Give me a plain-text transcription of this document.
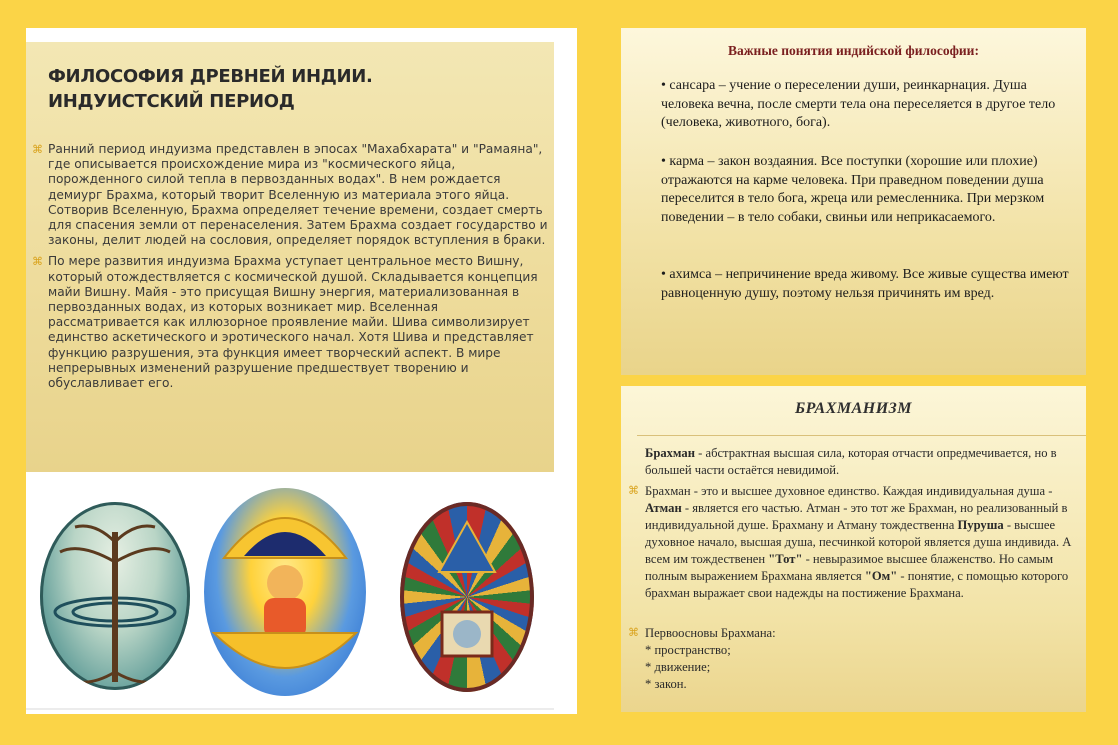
ФИЛОСОФИЯ ДРЕВНЕЙ ИНДИИ.
ИНДУИСТСКИЙ ПЕРИОД

⌘ Ранний период индуизма представлен в эпосах "Махабхарата" и "Рамаяна", где описывается происхождение мира из "космического яйца, порожденного силой тепла в первозданных водах". В нем рождается демиург Брахма, который творит Вселенную из материала этого яйца. Сотворив Вселенную, Брахма определяет течение времени, создает смерть для спасения земли от перенаселения. Затем Брахма создает государство и законы, делит людей на сословия, определяет порядок вступления в браки.

⌘ По мере развития индуизма Брахма уступает центральное место Вишну, который отождествляется с космической душой. Складывается концепция майи Вишну. Майя - это присущая Вишну энергия, материализованная в первозданных водах, из которых возникает мир. Вселенная рассматривается как иллюзорное проявление майи. Шива символизирует единство аскетического и эротического начал. Хотя Шива и представляет функцию разрушения, эта функция имеет творческий аспект. В мире непрерывных изменений разрушение предшествует творению и обуславливает его.

Важные понятия индийской философии:

• сансара – учение о переселении души, реинкарнация. Душа человека вечна, после смерти тела она переселяется в другое тело (человека, животного, бога).

• карма – закон воздаяния. Все поступки (хорошие или плохие) отражаются на карме человека. При праведном поведении душа переселится в тело бога, жреца или ремесленника. При мерзком поведении – в тело собаки, свиньи или неприкасаемого.

• ахимса – непричинение вреда живому. Все живые существа имеют равноценную душу, поэтому нельзя причинять им вред.

БРАХМАНИЗМ

Брахман - абстрактная высшая сила, которая отчасти опредмечивается, но в большей части остаётся невидимой.

⌘ Брахман - это и высшее духовное единство. Каждая индивидуальная душа - Атман - является его частью. Атман - это тот же Брахман, но реализованный в индивидуальной душе. Брахману и Атману тождественна Пуруша - высшее духовное начало, высшая душа, песчинкой которой является душа индивида. А всем им тождественен "Тот" - невыразимое высшее блаженство. Но самым полным выражением Брахмана является "Ом" - понятие, с помощью которого брахман выражает свои надежды на постижение Брахмана.

⌘ Первоосновы Брахмана:

* пространство;
* движение;
* закон.
